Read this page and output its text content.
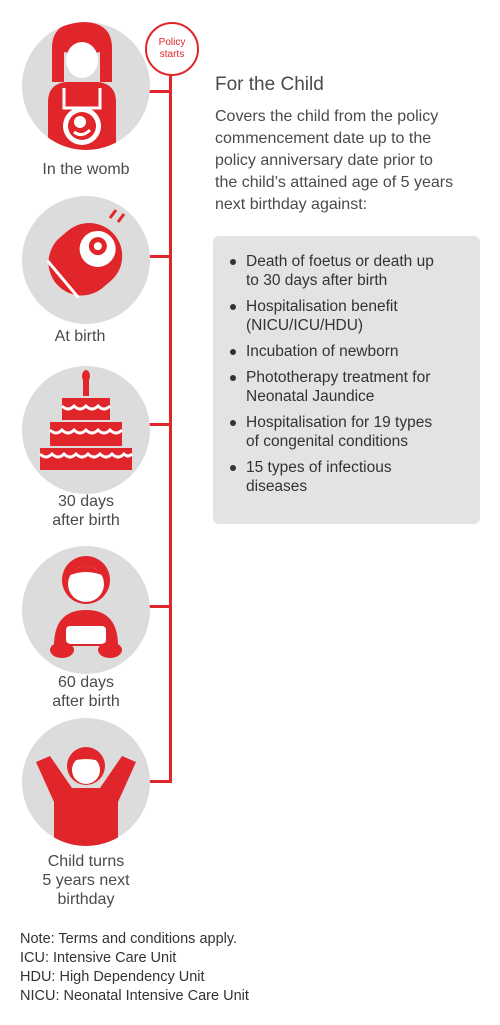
Policy
starts
In the womb
At birth
30 days
after birth
60 days
after birth
Child turns
5 years next
birthday
For the Child
Covers the child from the policy
commencement date up to the
policy anniversary date prior to
the child’s attained age of 5 years
next birthday against:
Death of foetus or death up
to 30 days after birth
Hospitalisation benefit
(NICU/ICU/HDU)
Incubation of newborn
Phototherapy treatment for
Neonatal Jaundice
Hospitalisation for 19 types
of congenital conditions
15 types of infectious
diseases
Note: Terms and conditions apply.
ICU: Intensive Care Unit
HDU: High Dependency Unit
NICU: Neonatal Intensive Care Unit
